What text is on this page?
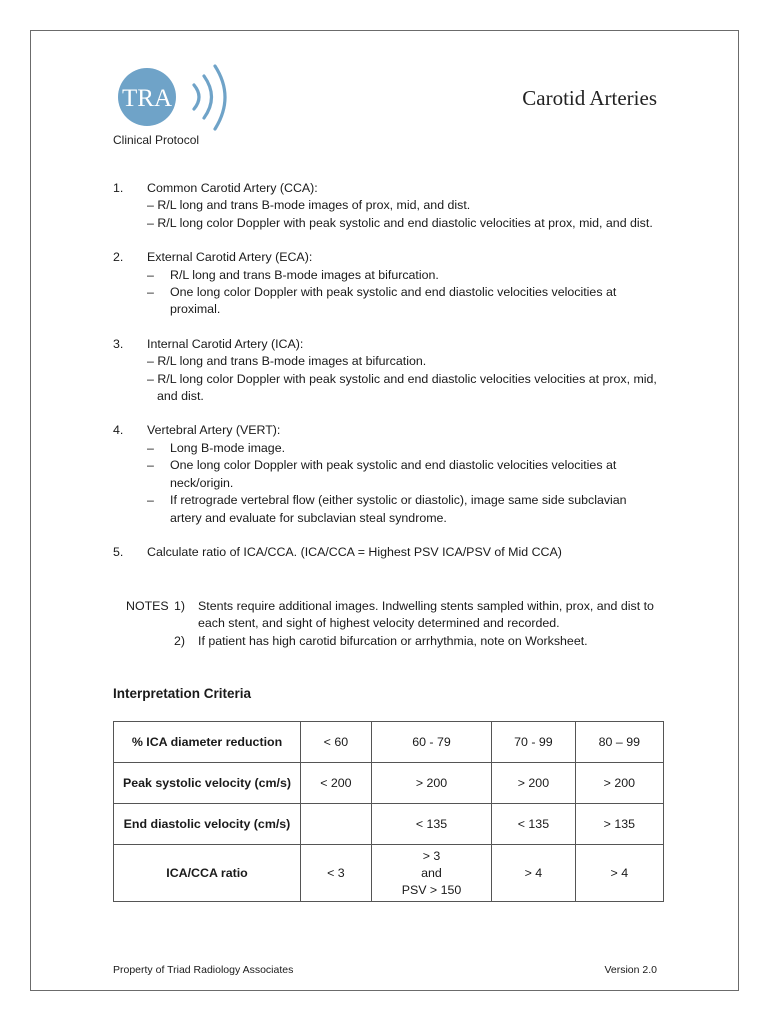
TRA	Carotid Arteries
Clinical Protocol
1. Common Carotid Artery (CCA):
– R/L long and trans B-mode images of prox, mid, and dist.
– R/L long color Doppler with peak systolic and end diastolic velocities at prox, mid, and dist.
2. External Carotid Artery (ECA):
– R/L long and trans B-mode images at bifurcation.
– One long color Doppler with peak systolic and end diastolic velocities velocities at proximal.
3. Internal Carotid Artery (ICA):
– R/L long and trans B-mode images at bifurcation.
– R/L long color Doppler with peak systolic and end diastolic velocities velocities at prox, mid, and dist.
4. Vertebral Artery (VERT):
– Long B-mode image.
– One long color Doppler with peak systolic and end diastolic velocities velocities at neck/origin.
– If retrograde vertebral flow (either systolic or diastolic), image same side subclavian artery and evaluate for subclavian steal syndrome.
5. Calculate ratio of ICA/CCA. (ICA/CCA = Highest PSV ICA/PSV of Mid CCA)
NOTES 1) Stents require additional images. Indwelling stents sampled within, prox, and dist to each stent, and sight of highest velocity determined and recorded.
2) If patient has high carotid bifurcation or arrhythmia, note on Worksheet.
Interpretation Criteria
% ICA diameter reduction	< 60	60 - 79	70 - 99	80 – 99
Peak systolic velocity (cm/s)	< 200	> 200	> 200	> 200
End diastolic velocity (cm/s)		< 135	< 135	> 135
ICA/CCA ratio	< 3	> 3
and
PSV > 150	> 4	> 4
Property of Triad Radiology Associates	Version 2.0
